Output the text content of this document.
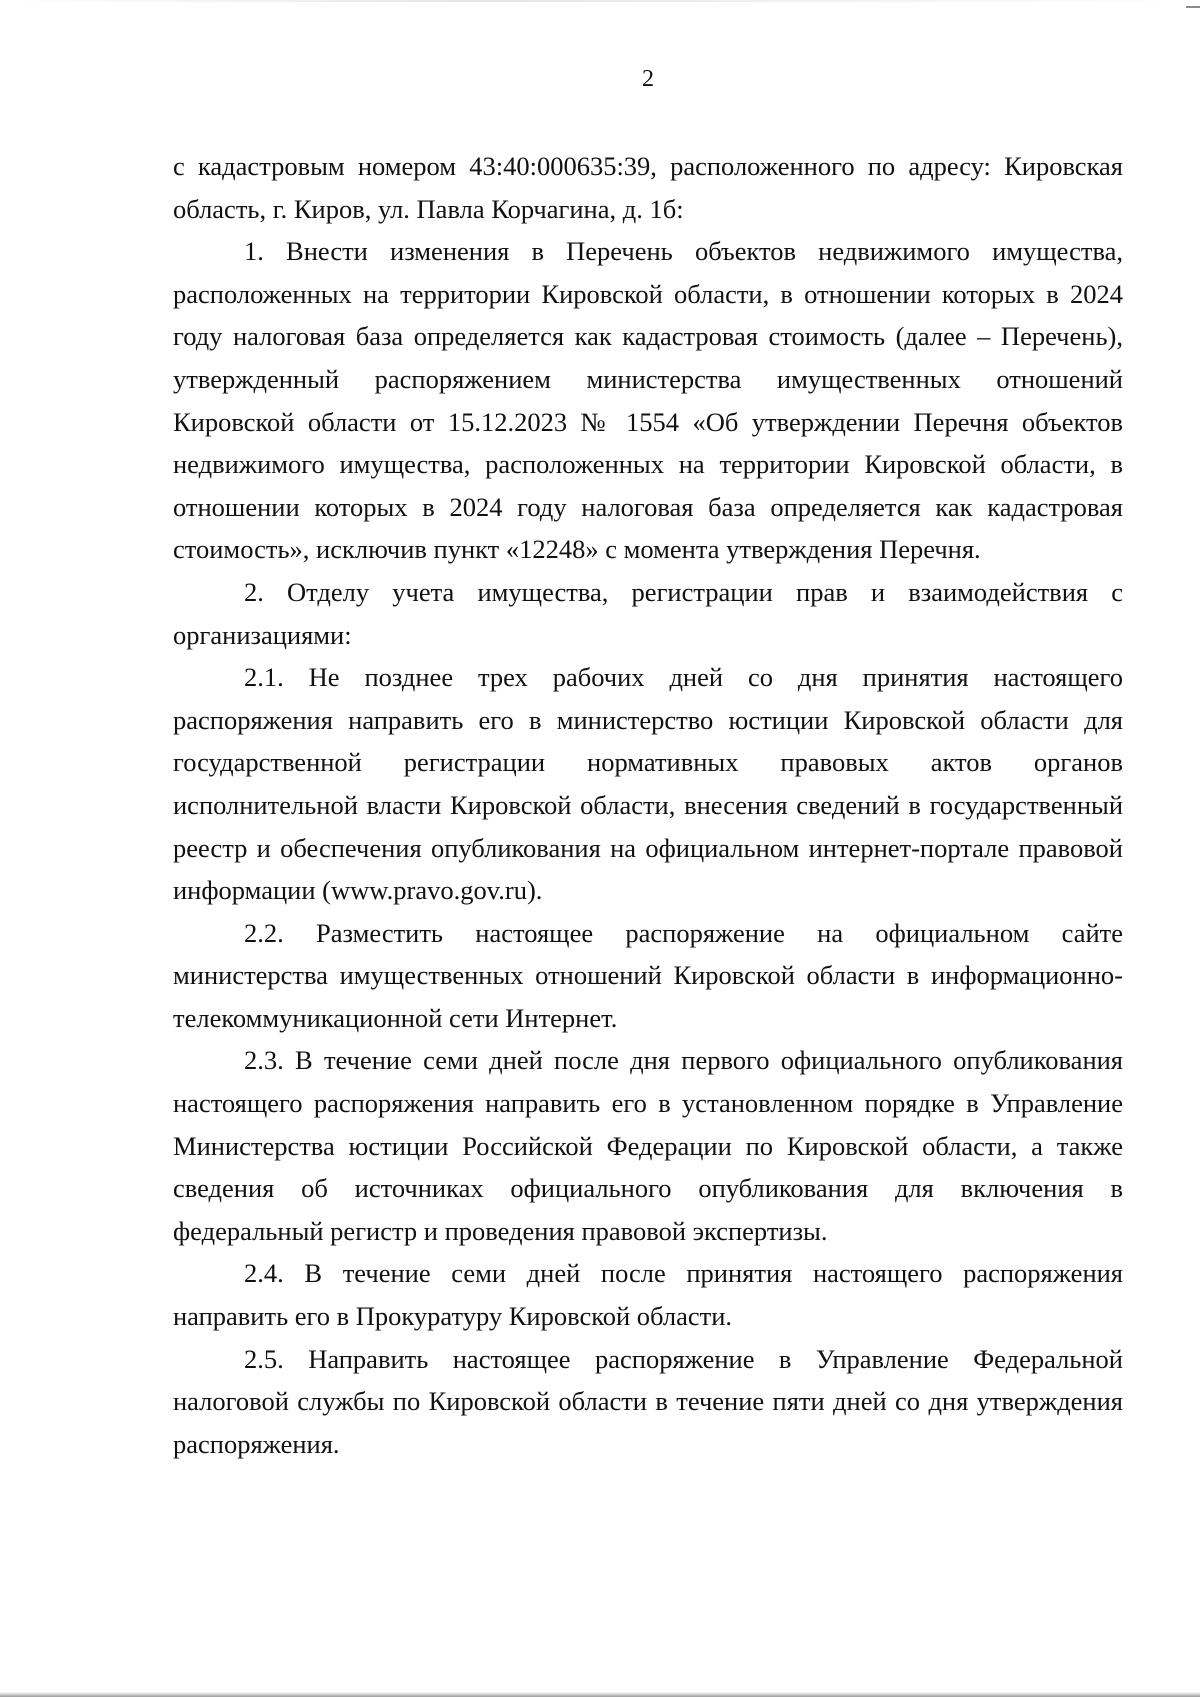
2

с кадастровым номером 43:40:000635:39, расположенного по адресу: Кировская область, г. Киров, ул. Павла Корчагина, д. 1б:

1. Внести изменения в Перечень объектов недвижимого имущества, расположенных на территории Кировской области, в отношении которых в 2024 году налоговая база определяется как кадастровая стоимость (далее – Перечень), утвержденный распоряжением министерства имущественных отношений Кировской области от 15.12.2023 № 1554 «Об утверждении Перечня объектов недвижимого имущества, расположенных на территории Кировской области, в отношении которых в 2024 году налоговая база определяется как кадастровая стоимость», исключив пункт «12248» с момента утверждения Перечня.

2. Отделу учета имущества, регистрации прав и взаимодействия с организациями:

2.1. Не позднее трех рабочих дней со дня принятия настоящего распоряжения направить его в министерство юстиции Кировской области для государственной регистрации нормативных правовых актов органов исполнительной власти Кировской области, внесения сведений в государственный реестр и обеспечения опубликования на официальном интернет-портале правовой информации (www.pravo.gov.ru).

2.2. Разместить настоящее распоряжение на официальном сайте министерства имущественных отношений Кировской области в информационно-телекоммуникационной сети Интернет.

2.3. В течение семи дней после дня первого официального опубликования настоящего распоряжения направить его в установленном порядке в Управление Министерства юстиции Российской Федерации по Кировской области, а также сведения об источниках официального опубликования для включения в федеральный регистр и проведения правовой экспертизы.

2.4. В течение семи дней после принятия настоящего распоряжения направить его в Прокуратуру Кировской области.

2.5. Направить настоящее распоряжение в Управление Федеральной налоговой службы по Кировской области в течение пяти дней со дня утверждения распоряжения.
